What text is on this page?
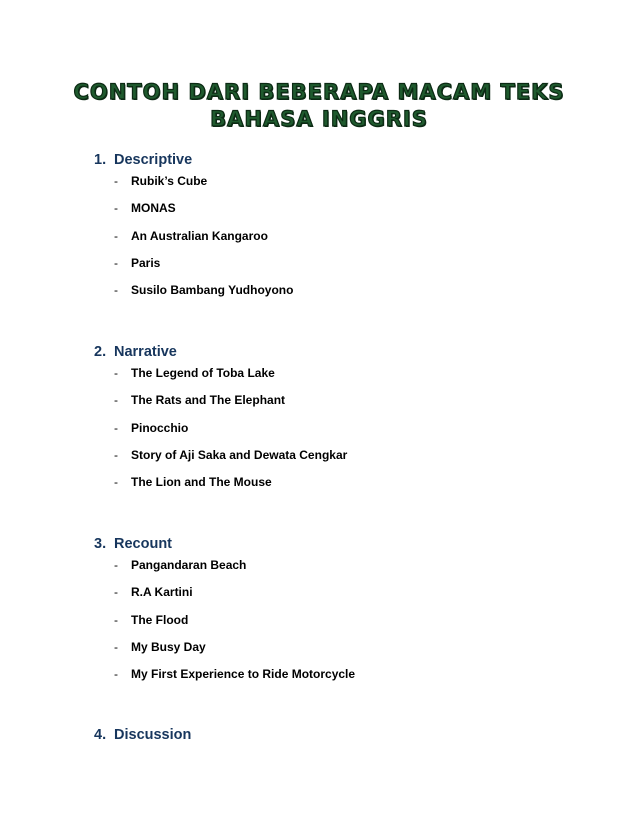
CONTOH DARI BEBERAPA MACAM TEKS
BAHASA INGGRIS
1. Descriptive
- Rubik’s Cube
- MONAS
- An Australian Kangaroo
- Paris
- Susilo Bambang Yudhoyono
2. Narrative
- The Legend of Toba Lake
- The Rats and The Elephant
- Pinocchio
- Story of Aji Saka and Dewata Cengkar
- The Lion and The Mouse
3. Recount
- Pangandaran Beach
- R.A Kartini
- The Flood
- My Busy Day
- My First Experience to Ride Motorcycle
4. Discussion
